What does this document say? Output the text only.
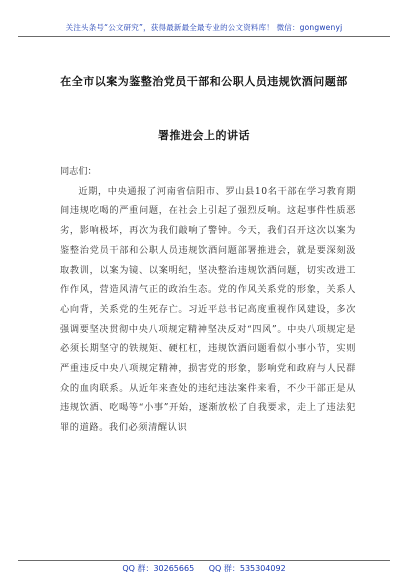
关注头条号“公文研究”，获得最新最全最专业的公文资料库！ 微信：gongwenyj
在全市以案为鉴整治党员干部和公职人员违规饮酒问题部
署推进会上的讲话

同志们：

近期，中央通报了河南省信阳市、罗山县10名干部在学习教育期间违规吃喝的严重问题，在社会上引起了强烈反响。这起事件性质恶劣，影响极坏，再次为我们敲响了警钟。今天，我们召开这次以案为鉴整治党员干部和公职人员违规饮酒问题部署推进会，就是要深刻汲取教训，以案为镜、以案明纪，坚决整治违规饮酒问题，切实改进工作作风，营造风清气正的政治生态。党的作风关系党的形象，关系人心向背，关系党的生死存亡。习近平总书记高度重视作风建设，多次强调要坚决贯彻中央八项规定精神坚决反对“四风”。中央八项规定是必须长期坚守的铁规矩、硬杠杠，违规饮酒问题看似小事小节，实则严重违反中央八项规定精神，损害党的形象，影响党和政府与人民群众的血肉联系。从近年来查处的违纪违法案件来看，不少干部正是从违规饮酒、吃喝等“小事”开始，逐渐放松了自我要求，走上了违法犯罪的道路。我们必须清醒认识

QQ 群：30265665 QQ 群：535304092
